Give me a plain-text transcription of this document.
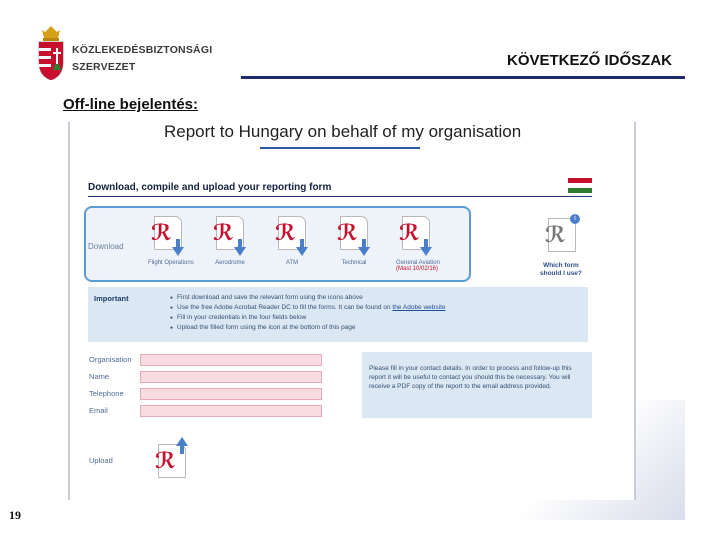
KÖZLEKEDÉSBIZTONSÁGI
SZERVEZET	KÖVETKEZŐ IDŐSZAK
Off-line bejelentés:
19
Report to Hungary on behalf of my organisation
Download, compile and upload your reporting form
Download
ℛ
Flight Operations
ℛ
Aerodrome
ℛ
ATM
ℛ
Technical
ℛ
General Aviation
(Mast 10/02/16)
ℛ
i
Which form
should I use?
Important
●	First download and save the relevant form using the icons above
● Use the free Adobe Acrobat Reader DC to fill the forms. It can be found on the Adobe website
● Fill in your credentials in the four fields below
● Upload the filled form using the icon at the bottom of this page
Organisation
Name
Telephone
Email
Please fill in your contact details. In order to process and follow-up this report it will be useful to contact you should this be necessary. You will receive a PDF copy of the report to the email address provided.
Upload ℛ
